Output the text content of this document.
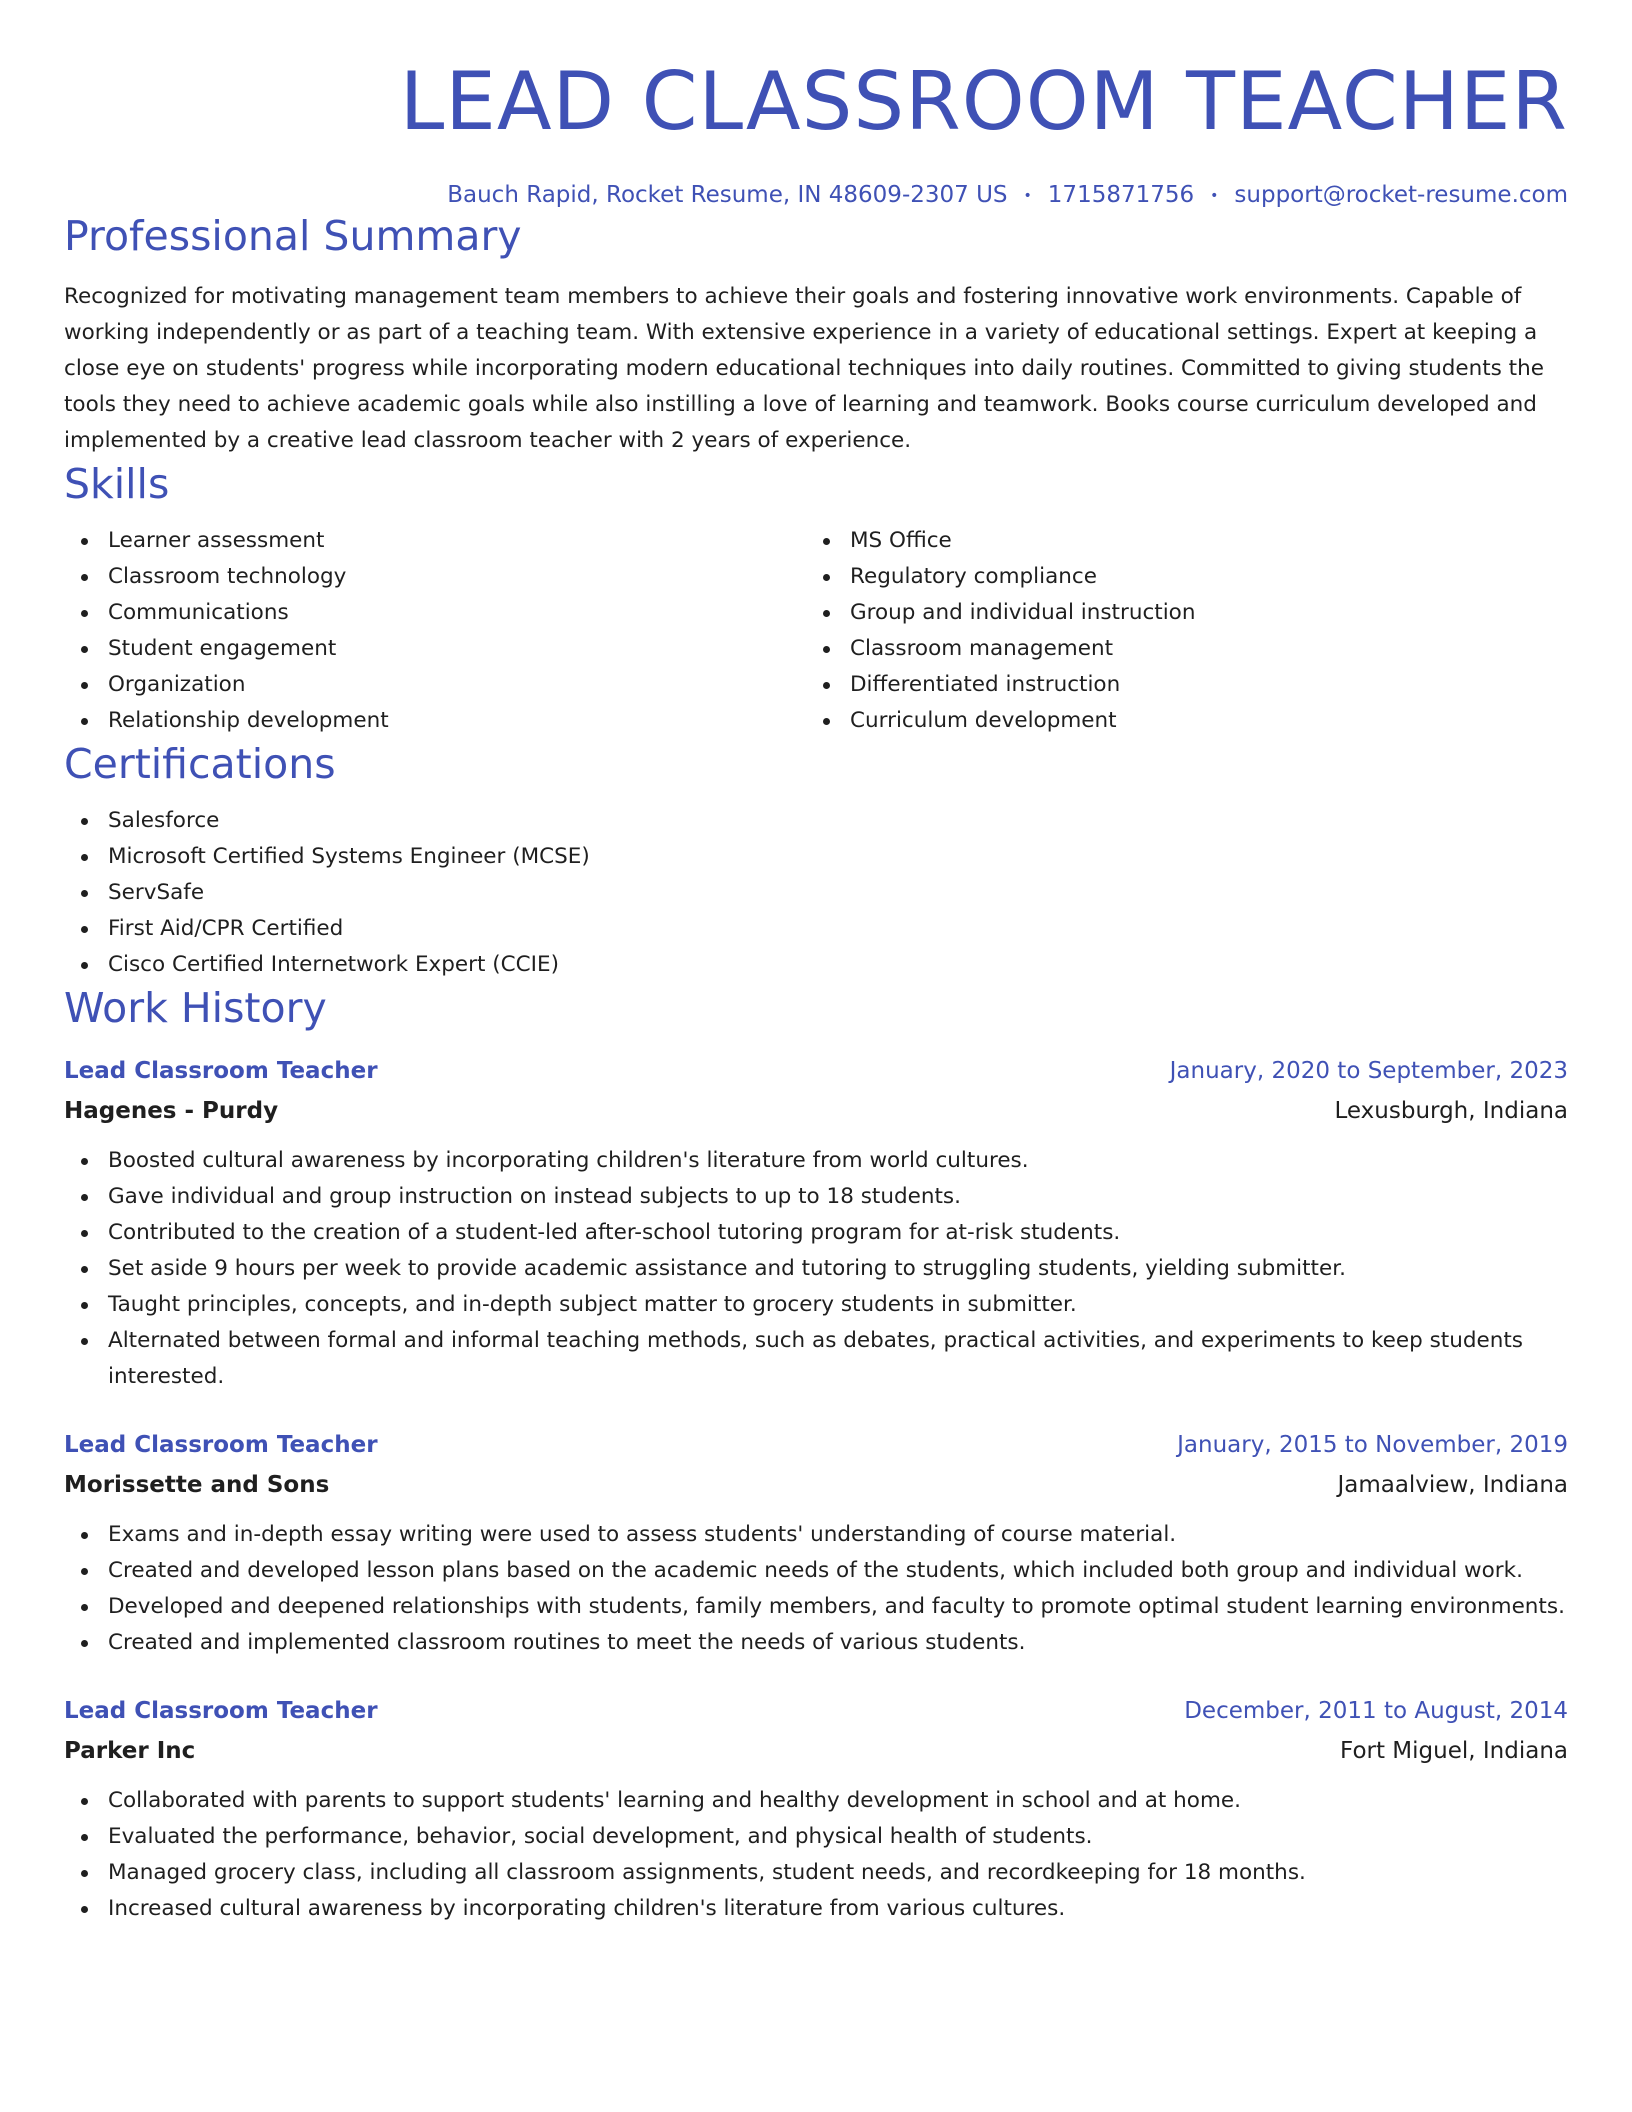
LEAD CLASSROOM TEACHER
Bauch Rapid, Rocket Resume, IN 48609-2307 US • 1715871756 • support@rocket-resume.com
Professional Summary
Recognized for motivating management team members to achieve their goals and fostering innovative work environments. Capable of working independently or as part of a teaching team. With extensive experience in a variety of educational settings. Expert at keeping a close eye on students' progress while incorporating modern educational techniques into daily routines. Committed to giving students the tools they need to achieve academic goals while also instilling a love of learning and teamwork. Books course curriculum developed and implemented by a creative lead classroom teacher with 2 years of experience.
Skills
Learner assessment
Classroom technology
Communications
Student engagement
Organization
Relationship development
MS Office
Regulatory compliance
Group and individual instruction
Classroom management
Differentiated instruction
Curriculum development
Certifications
Salesforce
Microsoft Certified Systems Engineer (MCSE)
ServSafe
First Aid/CPR Certified
Cisco Certified Internetwork Expert (CCIE)
Work History
Lead Classroom Teacher	January, 2020 to September, 2023
Hagenes - Purdy	Lexusburgh, Indiana
Boosted cultural awareness by incorporating children's literature from world cultures.
Gave individual and group instruction on instead subjects to up to 18 students.
Contributed to the creation of a student-led after-school tutoring program for at-risk students.
Set aside 9 hours per week to provide academic assistance and tutoring to struggling students, yielding submitter.
Taught principles, concepts, and in-depth subject matter to grocery students in submitter.
Alternated between formal and informal teaching methods, such as debates, practical activities, and experiments to keep students interested.
Lead Classroom Teacher	January, 2015 to November, 2019
Morissette and Sons	Jamaalview, Indiana
Exams and in-depth essay writing were used to assess students' understanding of course material.
Created and developed lesson plans based on the academic needs of the students, which included both group and individual work.
Developed and deepened relationships with students, family members, and faculty to promote optimal student learning environments.
Created and implemented classroom routines to meet the needs of various students.
Lead Classroom Teacher	December, 2011 to August, 2014
Parker Inc	Fort Miguel, Indiana
Collaborated with parents to support students' learning and healthy development in school and at home.
Evaluated the performance, behavior, social development, and physical health of students.
Managed grocery class, including all classroom assignments, student needs, and recordkeeping for 18 months.
Increased cultural awareness by incorporating children's literature from various cultures.
